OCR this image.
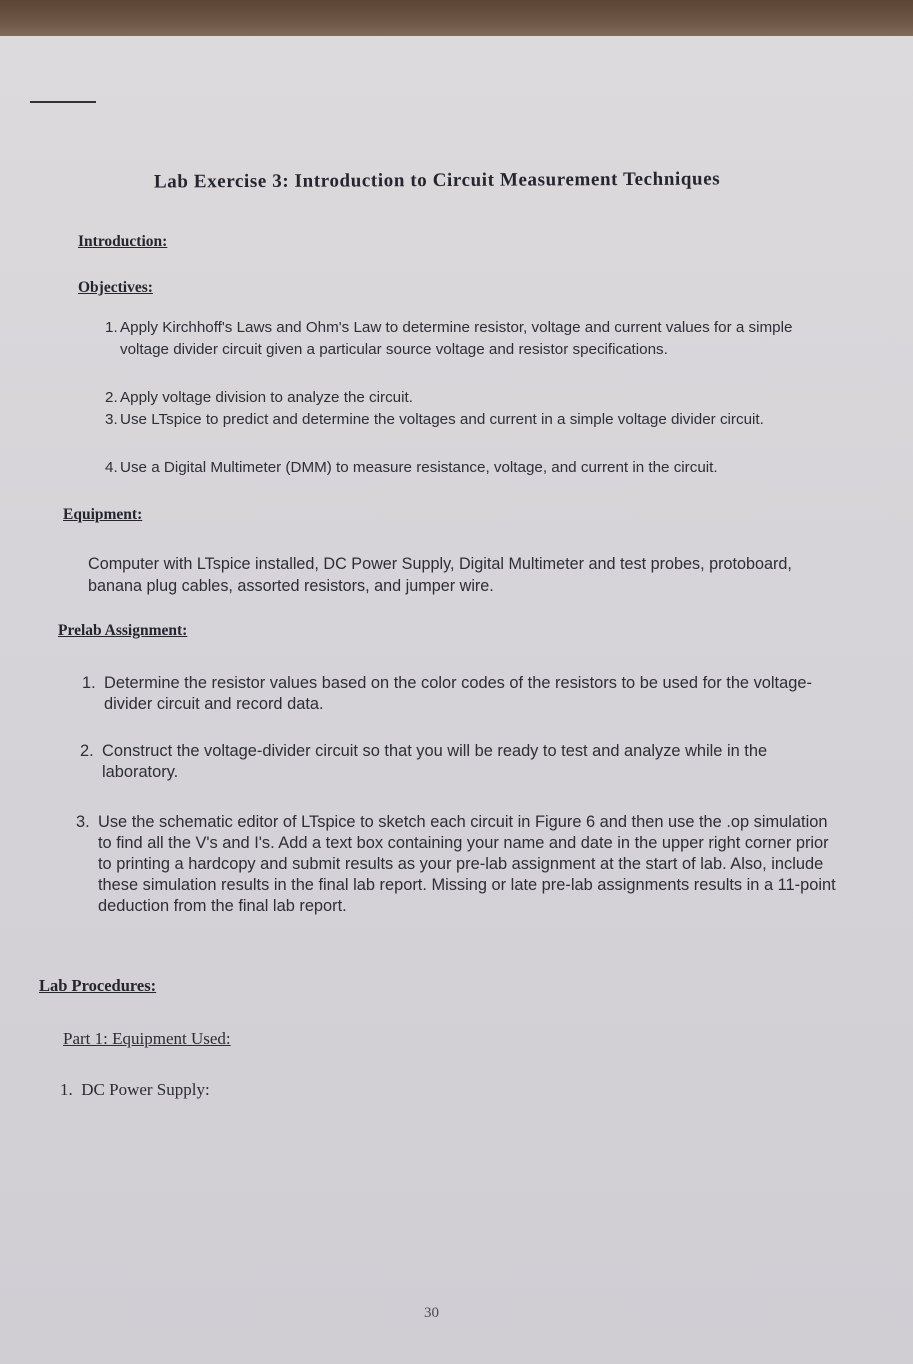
Lab Exercise 3: Introduction to Circuit Measurement Techniques
Introduction:
Objectives:
1. Apply Kirchhoff's Laws and Ohm's Law to determine resistor, voltage and current values for a simple voltage divider circuit given a particular source voltage and resistor specifications.
2. Apply voltage division to analyze the circuit.
3. Use LTspice to predict and determine the voltages and current in a simple voltage divider circuit.
4. Use a Digital Multimeter (DMM) to measure resistance, voltage, and current in the circuit.
Equipment:
Computer with LTspice installed, DC Power Supply, Digital Multimeter and test probes, protoboard, banana plug cables, assorted resistors, and jumper wire.
Prelab Assignment:
1. Determine the resistor values based on the color codes of the resistors to be used for the voltage-divider circuit and record data.
2. Construct the voltage-divider circuit so that you will be ready to test and analyze while in the laboratory.
3. Use the schematic editor of LTspice to sketch each circuit in Figure 6 and then use the .op simulation to find all the V's and I's. Add a text box containing your name and date in the upper right corner prior to printing a hardcopy and submit results as your pre-lab assignment at the start of lab. Also, include these simulation results in the final lab report. Missing or late pre-lab assignments results in a 11-point deduction from the final lab report.
Lab Procedures:
Part 1: Equipment Used:
1. DC Power Supply:
30
